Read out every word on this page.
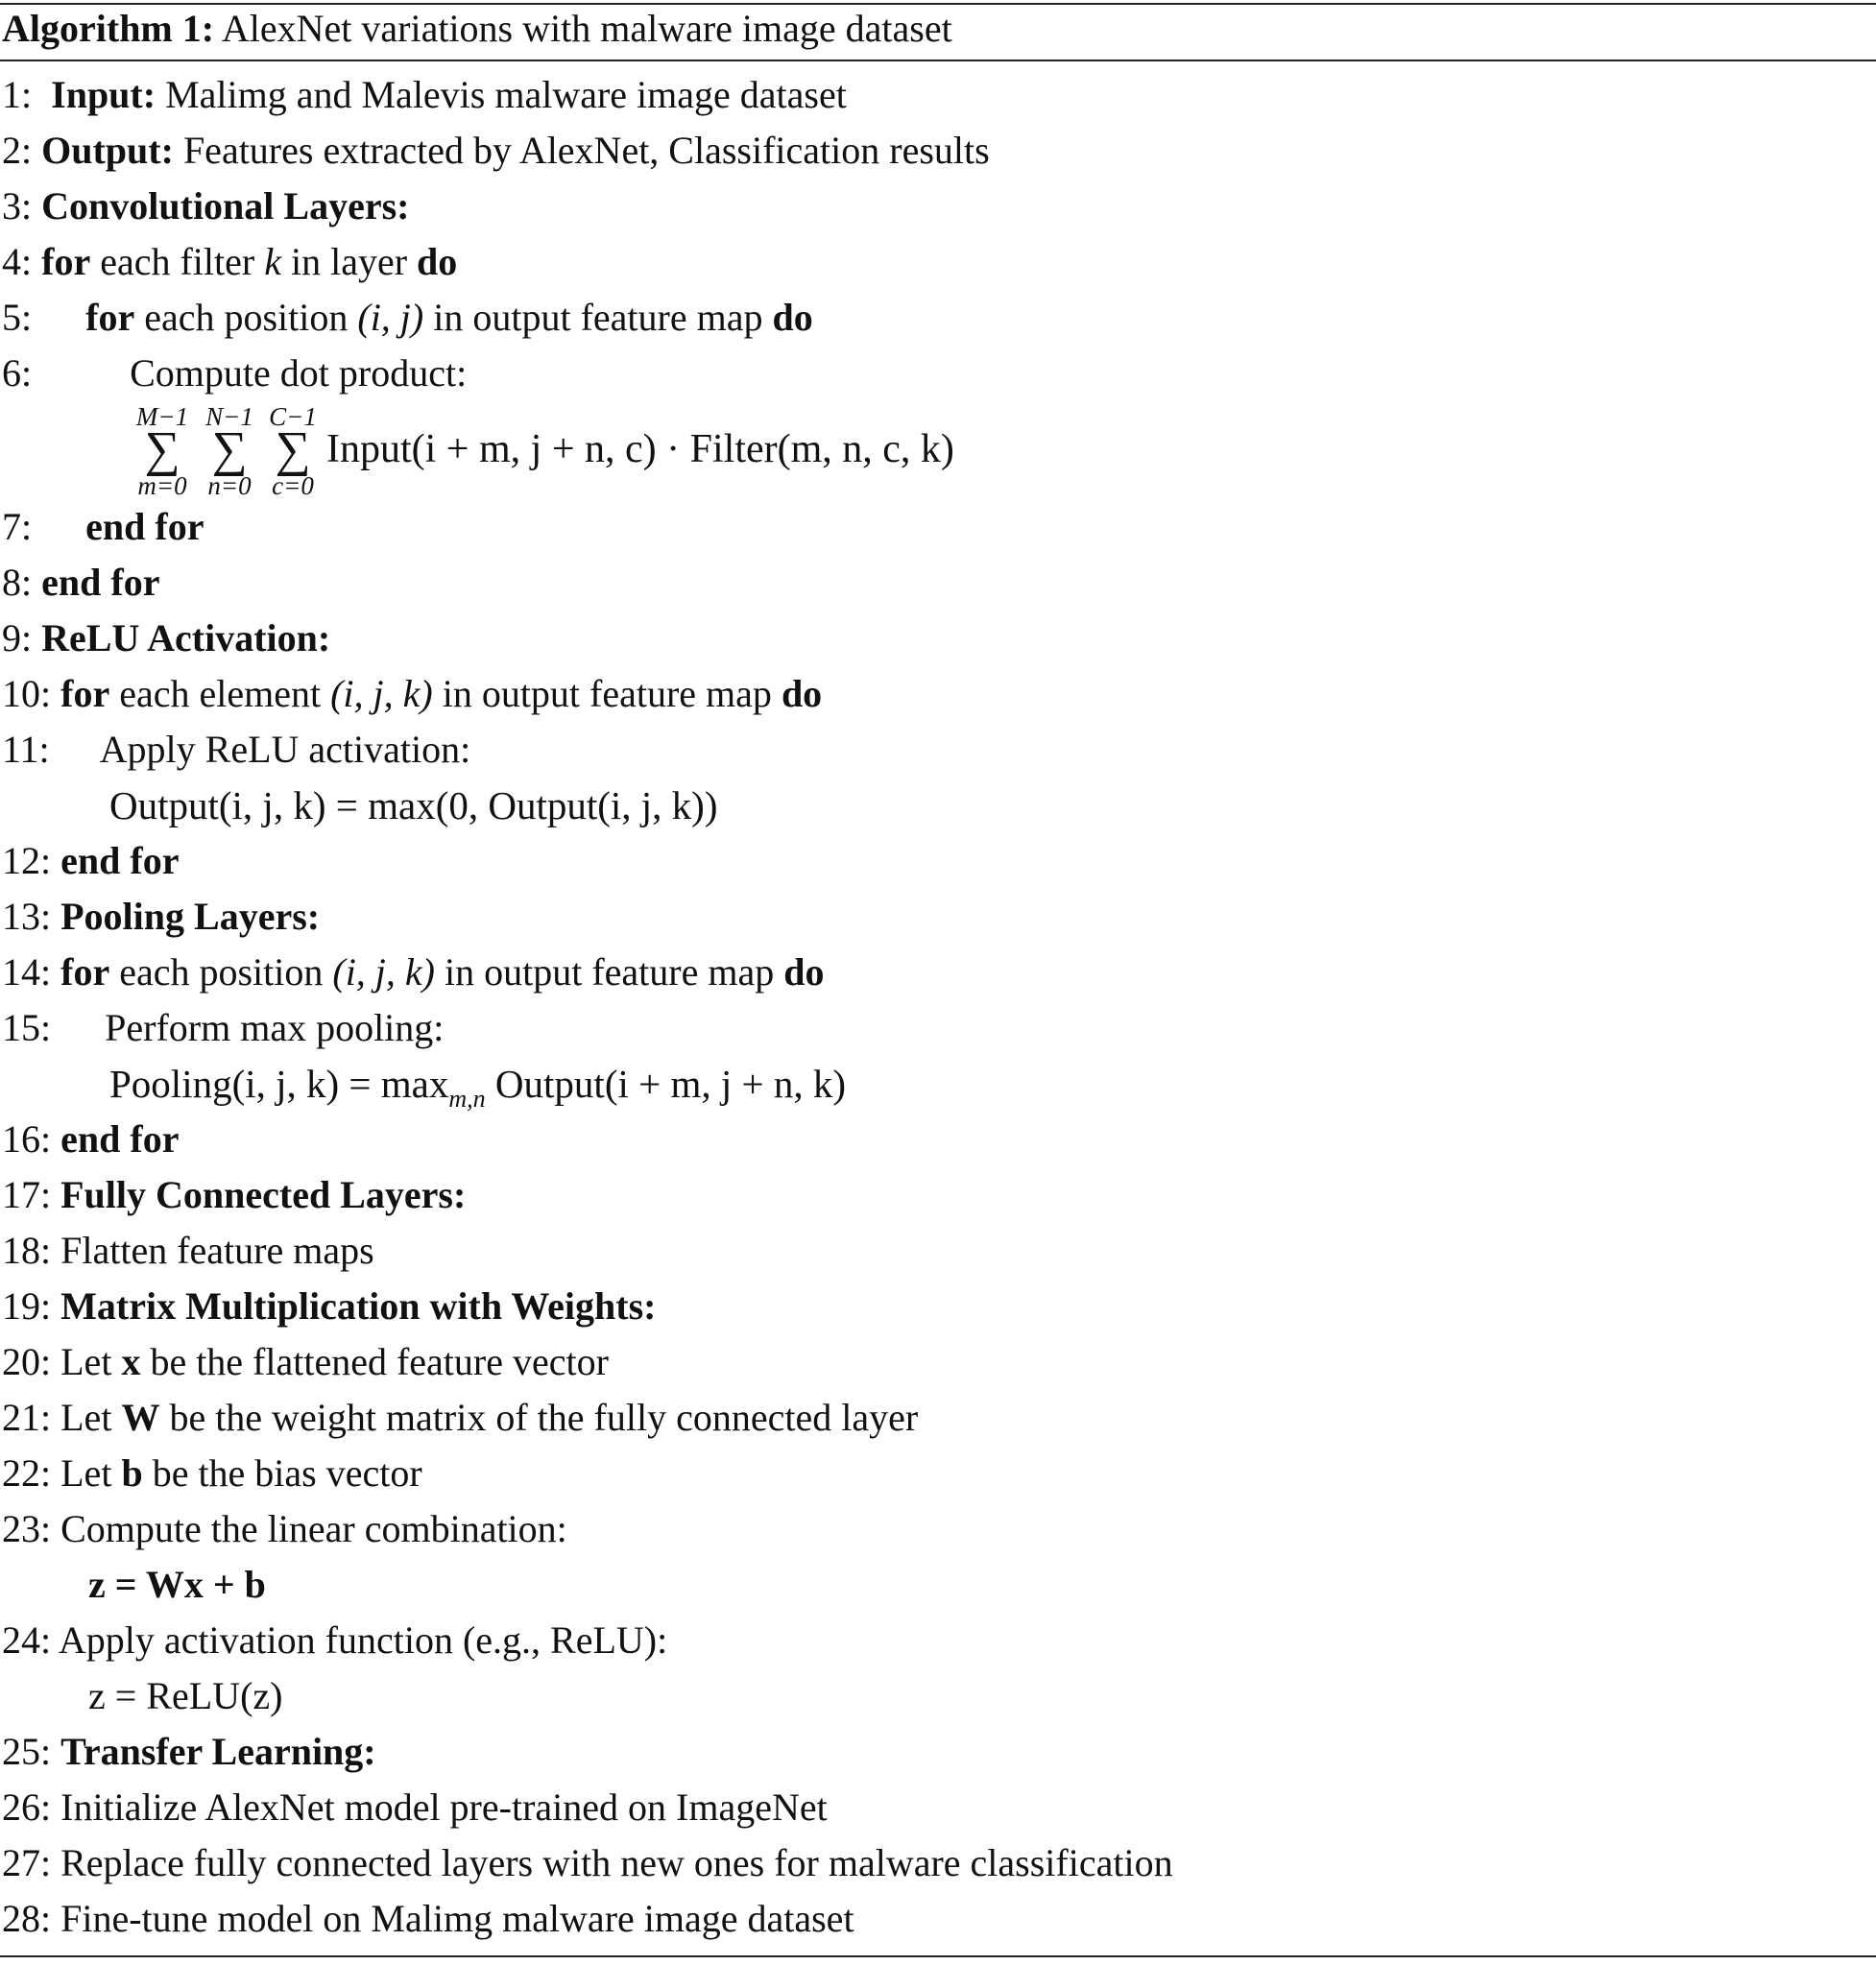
Algorithm 1: AlexNet variations with malware image dataset
1: Input: Malimg and Malevis malware image dataset
2: Output: Features extracted by AlexNet, Classification results
3: Convolutional Layers:
4: for each filter k in layer do
5: for each position (i, j) in output feature map do
6:	Compute dot product:
M−1
∑
m=0
N−1
∑
n=0
C−1
∑
c=0
Input(i + m, j + n, c) · Filter(m, n, c, k)
7: end for
8: end for
9: ReLU Activation:
10: for each element (i, j, k) in output feature map do
11: Apply ReLU activation:
Output(i, j, k) = max(0, Output(i, j, k))
12: end for
13: Pooling Layers:
14: for each position (i, j, k) in output feature map do
15: Perform max pooling:
Pooling(i, j, $k) = \max_{m,n}$ Output(i + m, j + n, k)
16: end for
17: Fully Connected Layers:
18: Flatten feature maps
19: Matrix Multiplication with Weights:
20: Let x be the flattened feature vector
21: Let W be the weight matrix of the fully connected layer
22: Let b be the bias vector
23: Compute the linear combination:
z = Wx + b
24: Apply activation function (e.g., ReLU):
z = ReLU(z)
25: Transfer Learning:
26: Initialize AlexNet model pre-trained on ImageNet
27: Replace fully connected layers with new ones for malware classification
28: Fine-tune model on Malimg malware image dataset
